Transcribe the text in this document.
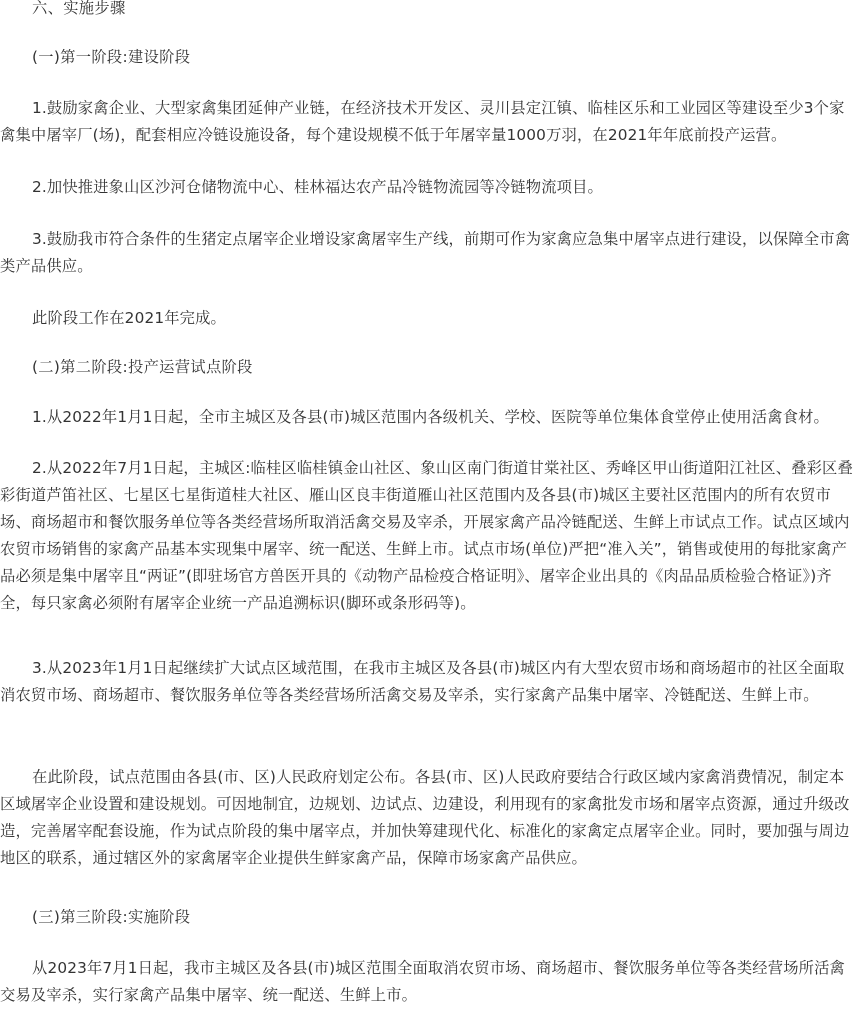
六、实施步骤

(一)第一阶段:建设阶段

1.鼓励家禽企业、大型家禽集团延伸产业链，在经济技术开发区、灵川县定江镇、临桂区乐和工业园区等建设至少3个家禽集中屠宰厂(场)，配套相应冷链设施设备，每个建设规模不低于年屠宰量1000万羽，在2021年年底前投产运营。

2.加快推进象山区沙河仓储物流中心、桂林福达农产品冷链物流园等冷链物流项目。

3.鼓励我市符合条件的生猪定点屠宰企业增设家禽屠宰生产线，前期可作为家禽应急集中屠宰点进行建设，以保障全市禽类产品供应。

此阶段工作在2021年完成。

(二)第二阶段:投产运营试点阶段

1.从2022年1月1日起，全市主城区及各县(市)城区范围内各级机关、学校、医院等单位集体食堂停止使用活禽食材。

2.从2022年7月1日起，主城区:临桂区临桂镇金山社区、象山区南门街道甘棠社区、秀峰区甲山街道阳江社区、叠彩区叠彩街道芦笛社区、七星区七星街道桂大社区、雁山区良丰街道雁山社区范围内及各县(市)城区主要社区范围内的所有农贸市场、商场超市和餐饮服务单位等各类经营场所取消活禽交易及宰杀，开展家禽产品冷链配送、生鲜上市试点工作。试点区域内农贸市场销售的家禽产品基本实现集中屠宰、统一配送、生鲜上市。试点市场(单位)严把“准入关”，销售或使用的每批家禽产品必须是集中屠宰且“两证”(即驻场官方兽医开具的《动物产品检疫合格证明》、屠宰企业出具的《肉品品质检验合格证》)齐全，每只家禽必须附有屠宰企业统一产品追溯标识(脚环或条形码等)。

3.从2023年1月1日起继续扩大试点区域范围，在我市主城区及各县(市)城区内有大型农贸市场和商场超市的社区全面取消农贸市场、商场超市、餐饮服务单位等各类经营场所活禽交易及宰杀，实行家禽产品集中屠宰、冷链配送、生鲜上市。

在此阶段，试点范围由各县(市、区)人民政府划定公布。各县(市、区)人民政府要结合行政区域内家禽消费情况，制定本区域屠宰企业设置和建设规划。可因地制宜，边规划、边试点、边建设，利用现有的家禽批发市场和屠宰点资源，通过升级改造，完善屠宰配套设施，作为试点阶段的集中屠宰点，并加快筹建现代化、标准化的家禽定点屠宰企业。同时，要加强与周边地区的联系，通过辖区外的家禽屠宰企业提供生鲜家禽产品，保障市场家禽产品供应。

(三)第三阶段:实施阶段

从2023年7月1日起，我市主城区及各县(市)城区范围全面取消农贸市场、商场超市、餐饮服务单位等各类经营场所活禽交易及宰杀，实行家禽产品集中屠宰、统一配送、生鲜上市。
